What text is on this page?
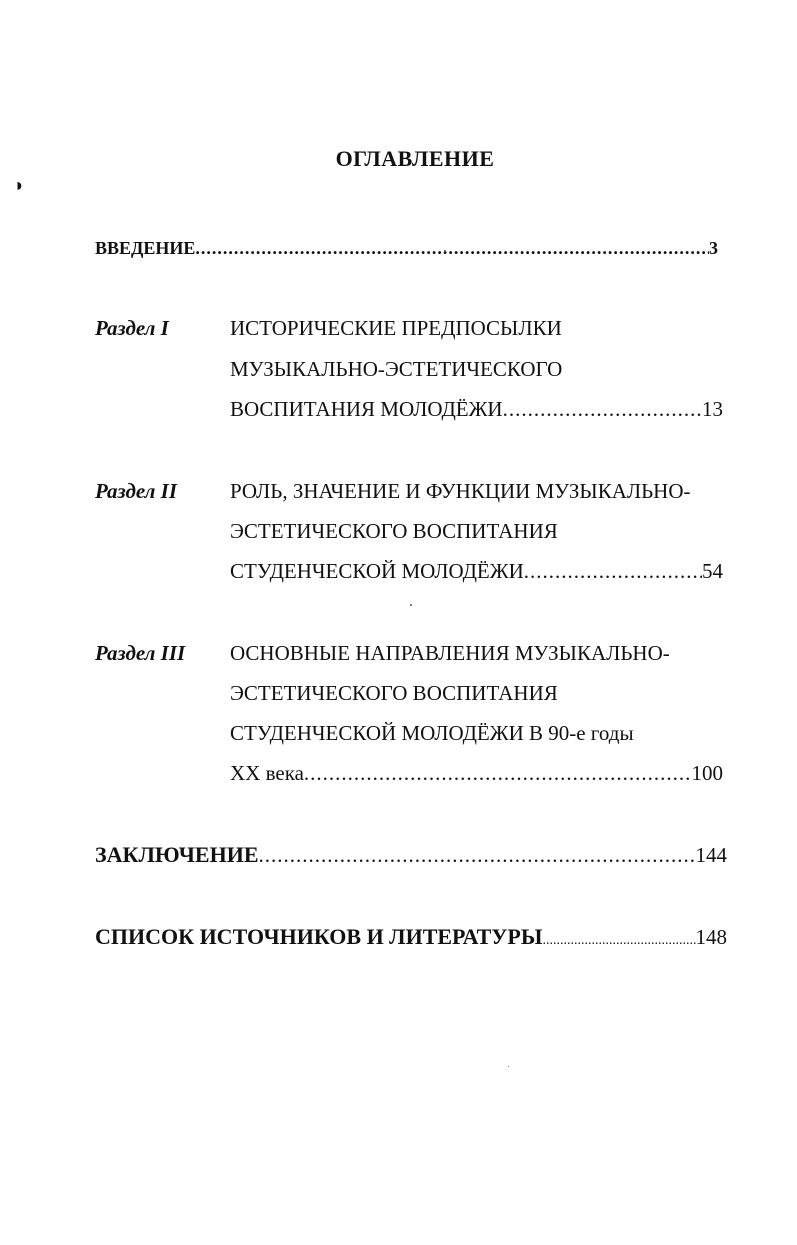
◗
ОГЛАВЛЕНИЕ
ВВЕДЕНИЕ .....	3
Раздел I	ИСТОРИЧЕСКИЕ ПРЕДПОСЫЛКИ
МУЗЫКАЛЬНО-ЭСТЕТИЧЕСКОГО
ВОСПИТАНИЯ МОЛОДЁЖИ .....	13
Раздел II	РОЛЬ, ЗНАЧЕНИЕ И ФУНКЦИИ МУЗЫКАЛЬНО-
ЭСТЕТИЧЕСКОГО ВОСПИТАНИЯ
СТУДЕНЧЕСКОЙ МОЛОДЁЖИ .....	54
Раздел III ОСНОВНЫЕ НАПРАВЛЕНИЯ МУЗЫКАЛЬНО-
ЭСТЕТИЧЕСКОГО ВОСПИТАНИЯ
СТУДЕНЧЕСКОЙ МОЛОДЁЖИ В 90-е годы
XX века .....	100
ЗАКЛЮЧЕНИЕ .....	144
СПИСОК ИСТОЧНИКОВ И ЛИТЕРАТУРЫ .....	148
